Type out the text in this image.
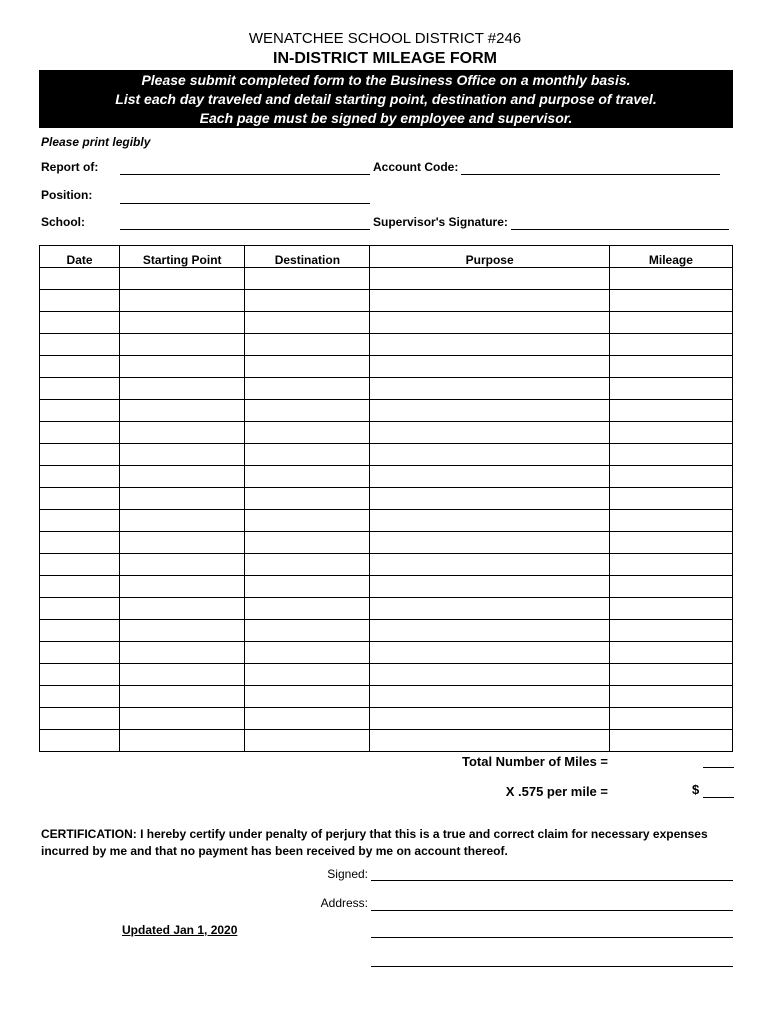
WENATCHEE SCHOOL DISTRICT #246
IN-DISTRICT MILEAGE FORM
Please submit completed form to the Business Office on a monthly basis.
List each day traveled and detail starting point, destination and purpose of travel.
Each page must be signed by employee and supervisor.
Please print legibly
Report of:	Account Code:
Position:
School:	Supervisor's Signature:
Date	Starting Point	Destination	Purpose	Mileage

Total Number of Miles =
X .575 per mile =	$
CERTIFICATION: I hereby certify under penalty of perjury that this is a true and correct claim for necessary expenses incurred by me and that no payment has been received by me on account thereof.
Signed:
Address:
Updated Jan 1, 2020
